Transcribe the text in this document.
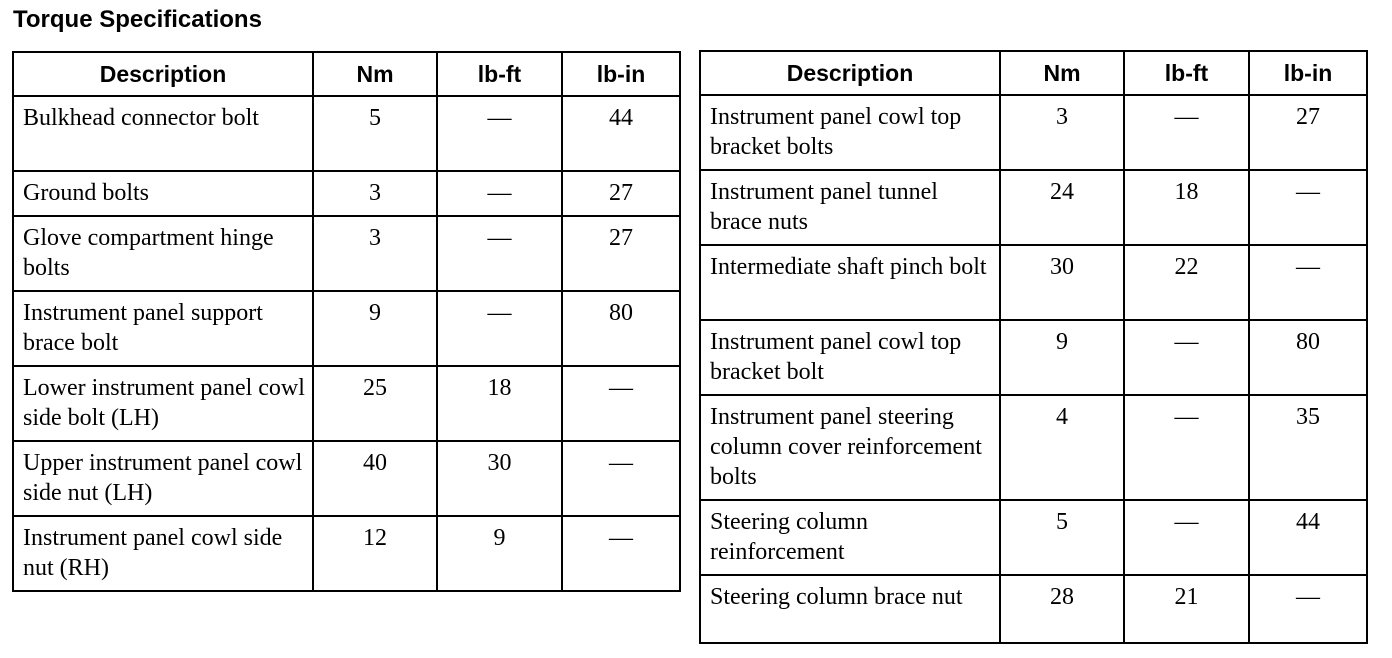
Torque Specifications
Description	Nm	lb-ft	lb-in
Bulkhead connector bolt	5	—	44
Ground bolts	3	—	27
Glove compartment hinge bolts	3	—	27
Instrument panel support brace bolt	9	—	80
Lower instrument panel cowl side bolt (LH)	25	18	—
Upper instrument panel cowl side nut (LH)	40	30	—
Instrument panel cowl side nut (RH)	12	9	—
Description	Nm	lb-ft	lb-in
Instrument panel cowl top bracket bolts	3	—	27
Instrument panel tunnel brace nuts	24	18	—
Intermediate shaft pinch bolt	30	22	—
Instrument panel cowl top bracket bolt	9	—	80
Instrument panel steering column cover reinforcement bolts	4	—	35
Steering column reinforcement	5	—	44
Steering column brace nut	28	21	—
